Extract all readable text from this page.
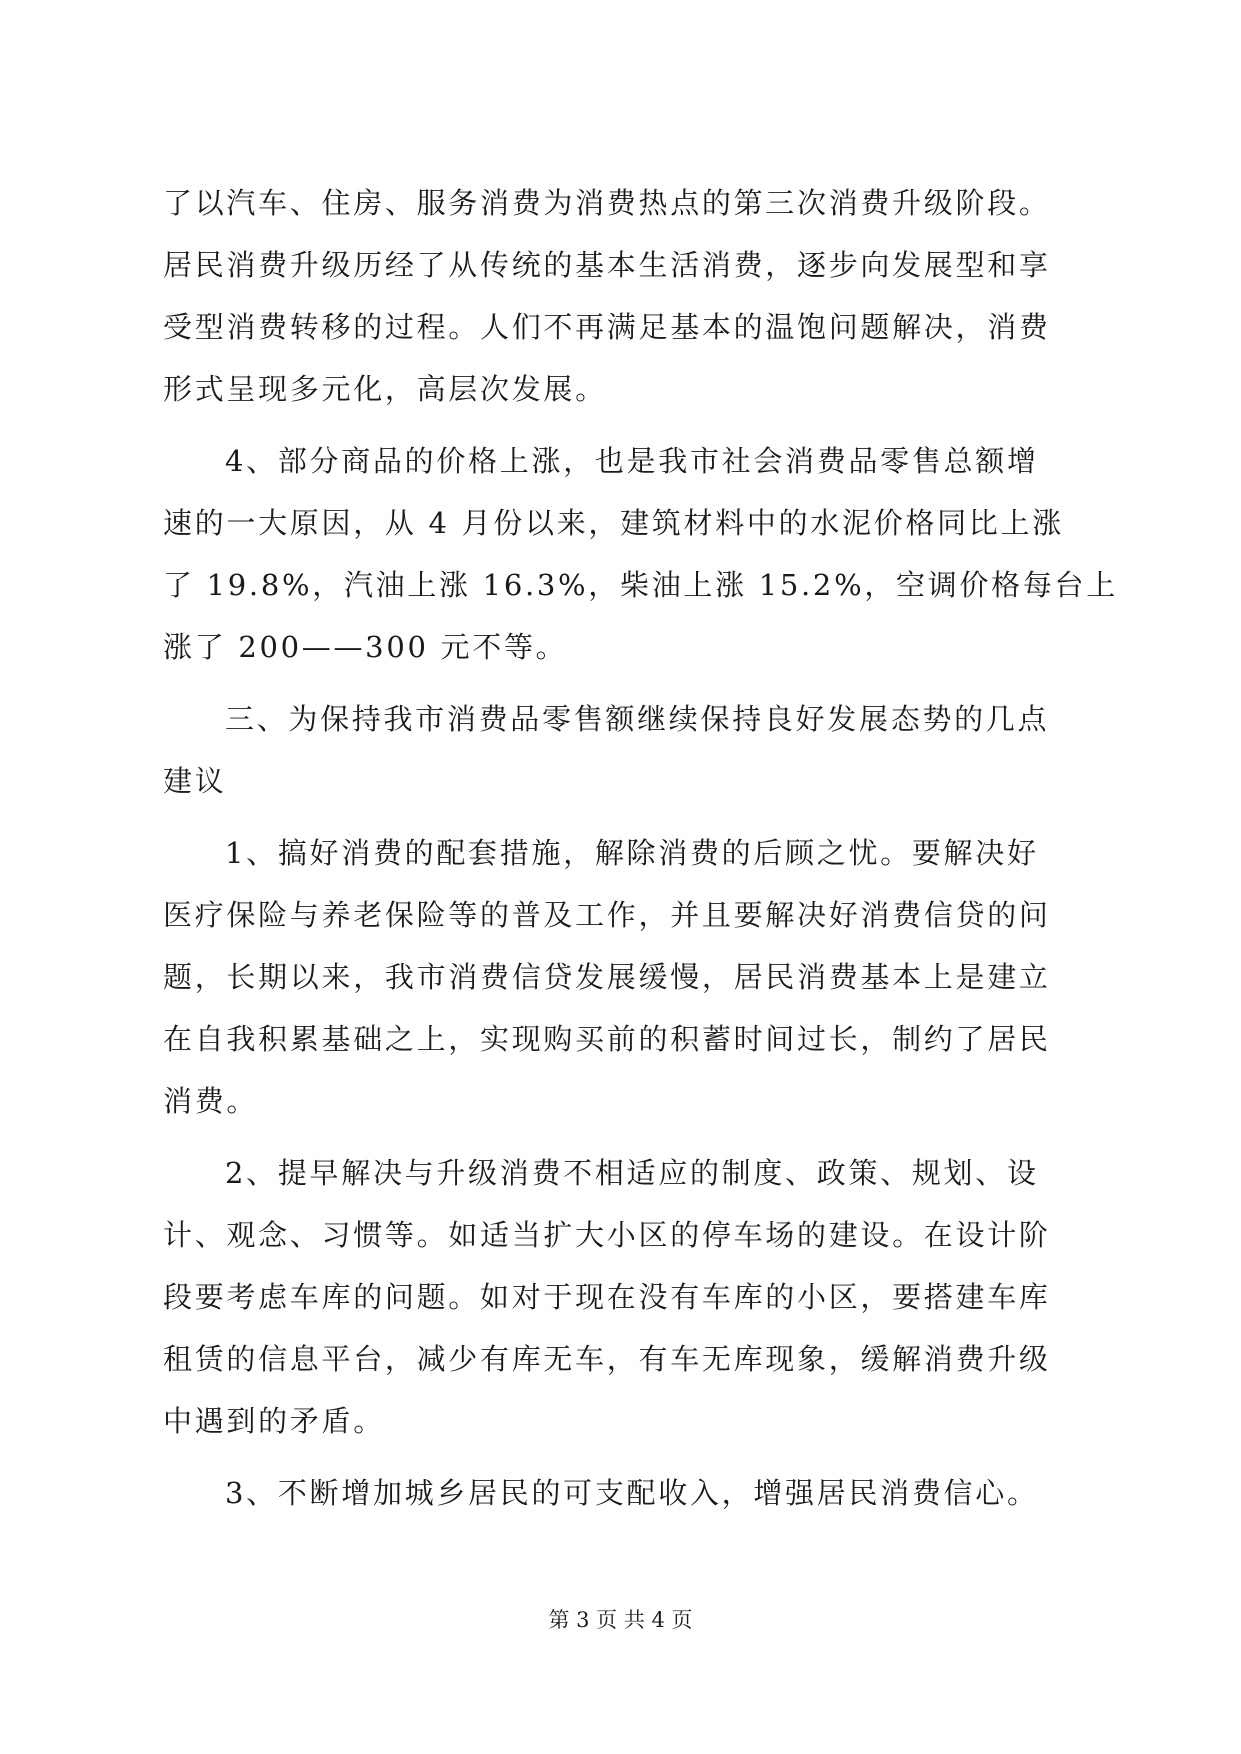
了以汽车、住房、服务消费为消费热点的第三次消费升级阶段。
居民消费升级历经了从传统的基本生活消费，逐步向发展型和享
受型消费转移的过程。人们不再满足基本的温饱问题解决，消费
形式呈现多元化，高层次发展。
4、部分商品的价格上涨，也是我市社会消费品零售总额增
速的一大原因，从 4 月份以来，建筑材料中的水泥价格同比上涨
了 19.8%，汽油上涨 16.3%，柴油上涨 15.2%，空调价格每台上
涨了 200——300 元不等。
三、为保持我市消费品零售额继续保持良好发展态势的几点
建议
1、搞好消费的配套措施，解除消费的后顾之忧。要解决好
医疗保险与养老保险等的普及工作，并且要解决好消费信贷的问
题，长期以来，我市消费信贷发展缓慢，居民消费基本上是建立
在自我积累基础之上，实现购买前的积蓄时间过长，制约了居民
消费。
2、提早解决与升级消费不相适应的制度、政策、规划、设
计、观念、习惯等。如适当扩大小区的停车场的建设。在设计阶
段要考虑车库的问题。如对于现在没有车库的小区，要搭建车库
租赁的信息平台，减少有库无车，有车无库现象，缓解消费升级
中遇到的矛盾。
3、不断增加城乡居民的可支配收入，增强居民消费信心。
第 3 页 共 4 页
